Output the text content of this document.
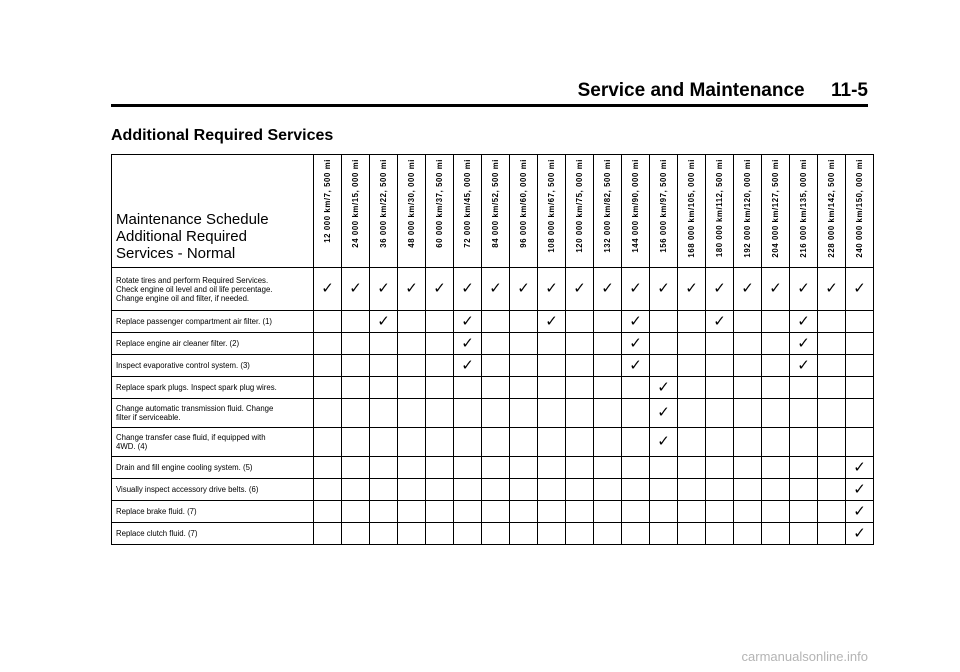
Service and Maintenance     11-5
Additional Required Services
Maintenance Schedule
Additional Required
Services - Normal	12 000 km/7, 500 mi	24 000 km/15, 000 mi	36 000 km/22, 500 mi	48 000 km/30, 000 mi	60 000 km/37, 500 mi	72 000 km/45, 000 mi	84 000 km/52, 500 mi	96 000 km/60, 000 mi	108 000 km/67, 500 mi	120 000 km/75, 000 mi	132 000 km/82, 500 mi	144 000 km/90, 000 mi	156 000 km/97, 500 mi	168 000 km/105, 000 mi	180 000 km/112, 500 mi	192 000 km/120, 000 mi	204 000 km/127, 500 mi	216 000 km/135, 000 mi	228 000 km/142, 500 mi	240 000 km/150, 000 mi

Rotate tires and perform Required Services.
Check engine oil level and oil life percentage.
Change engine oil and filter, if needed.	✓	✓	✓	✓	✓	✓	✓	✓	✓	✓	✓	✓	✓	✓	✓	✓	✓	✓	✓	✓

Replace passenger compartment air filter. (1)			✓			✓			✓			✓			✓			✓		

Replace engine air cleaner filter. (2)						✓						✓						✓		

Inspect evaporative control system. (3)						✓						✓						✓		

Replace spark plugs. Inspect spark plug wires.													✓							

Change automatic transmission fluid. Change
filter if serviceable.													✓							

Change transfer case fluid, if equipped with
4WD. (4)													✓							

Drain and fill engine cooling system. (5)																				✓

Visually inspect accessory drive belts. (6)																				✓

Replace brake fluid. (7)																				✓

Replace clutch fluid. (7)																				✓
carmanualsonline.info
